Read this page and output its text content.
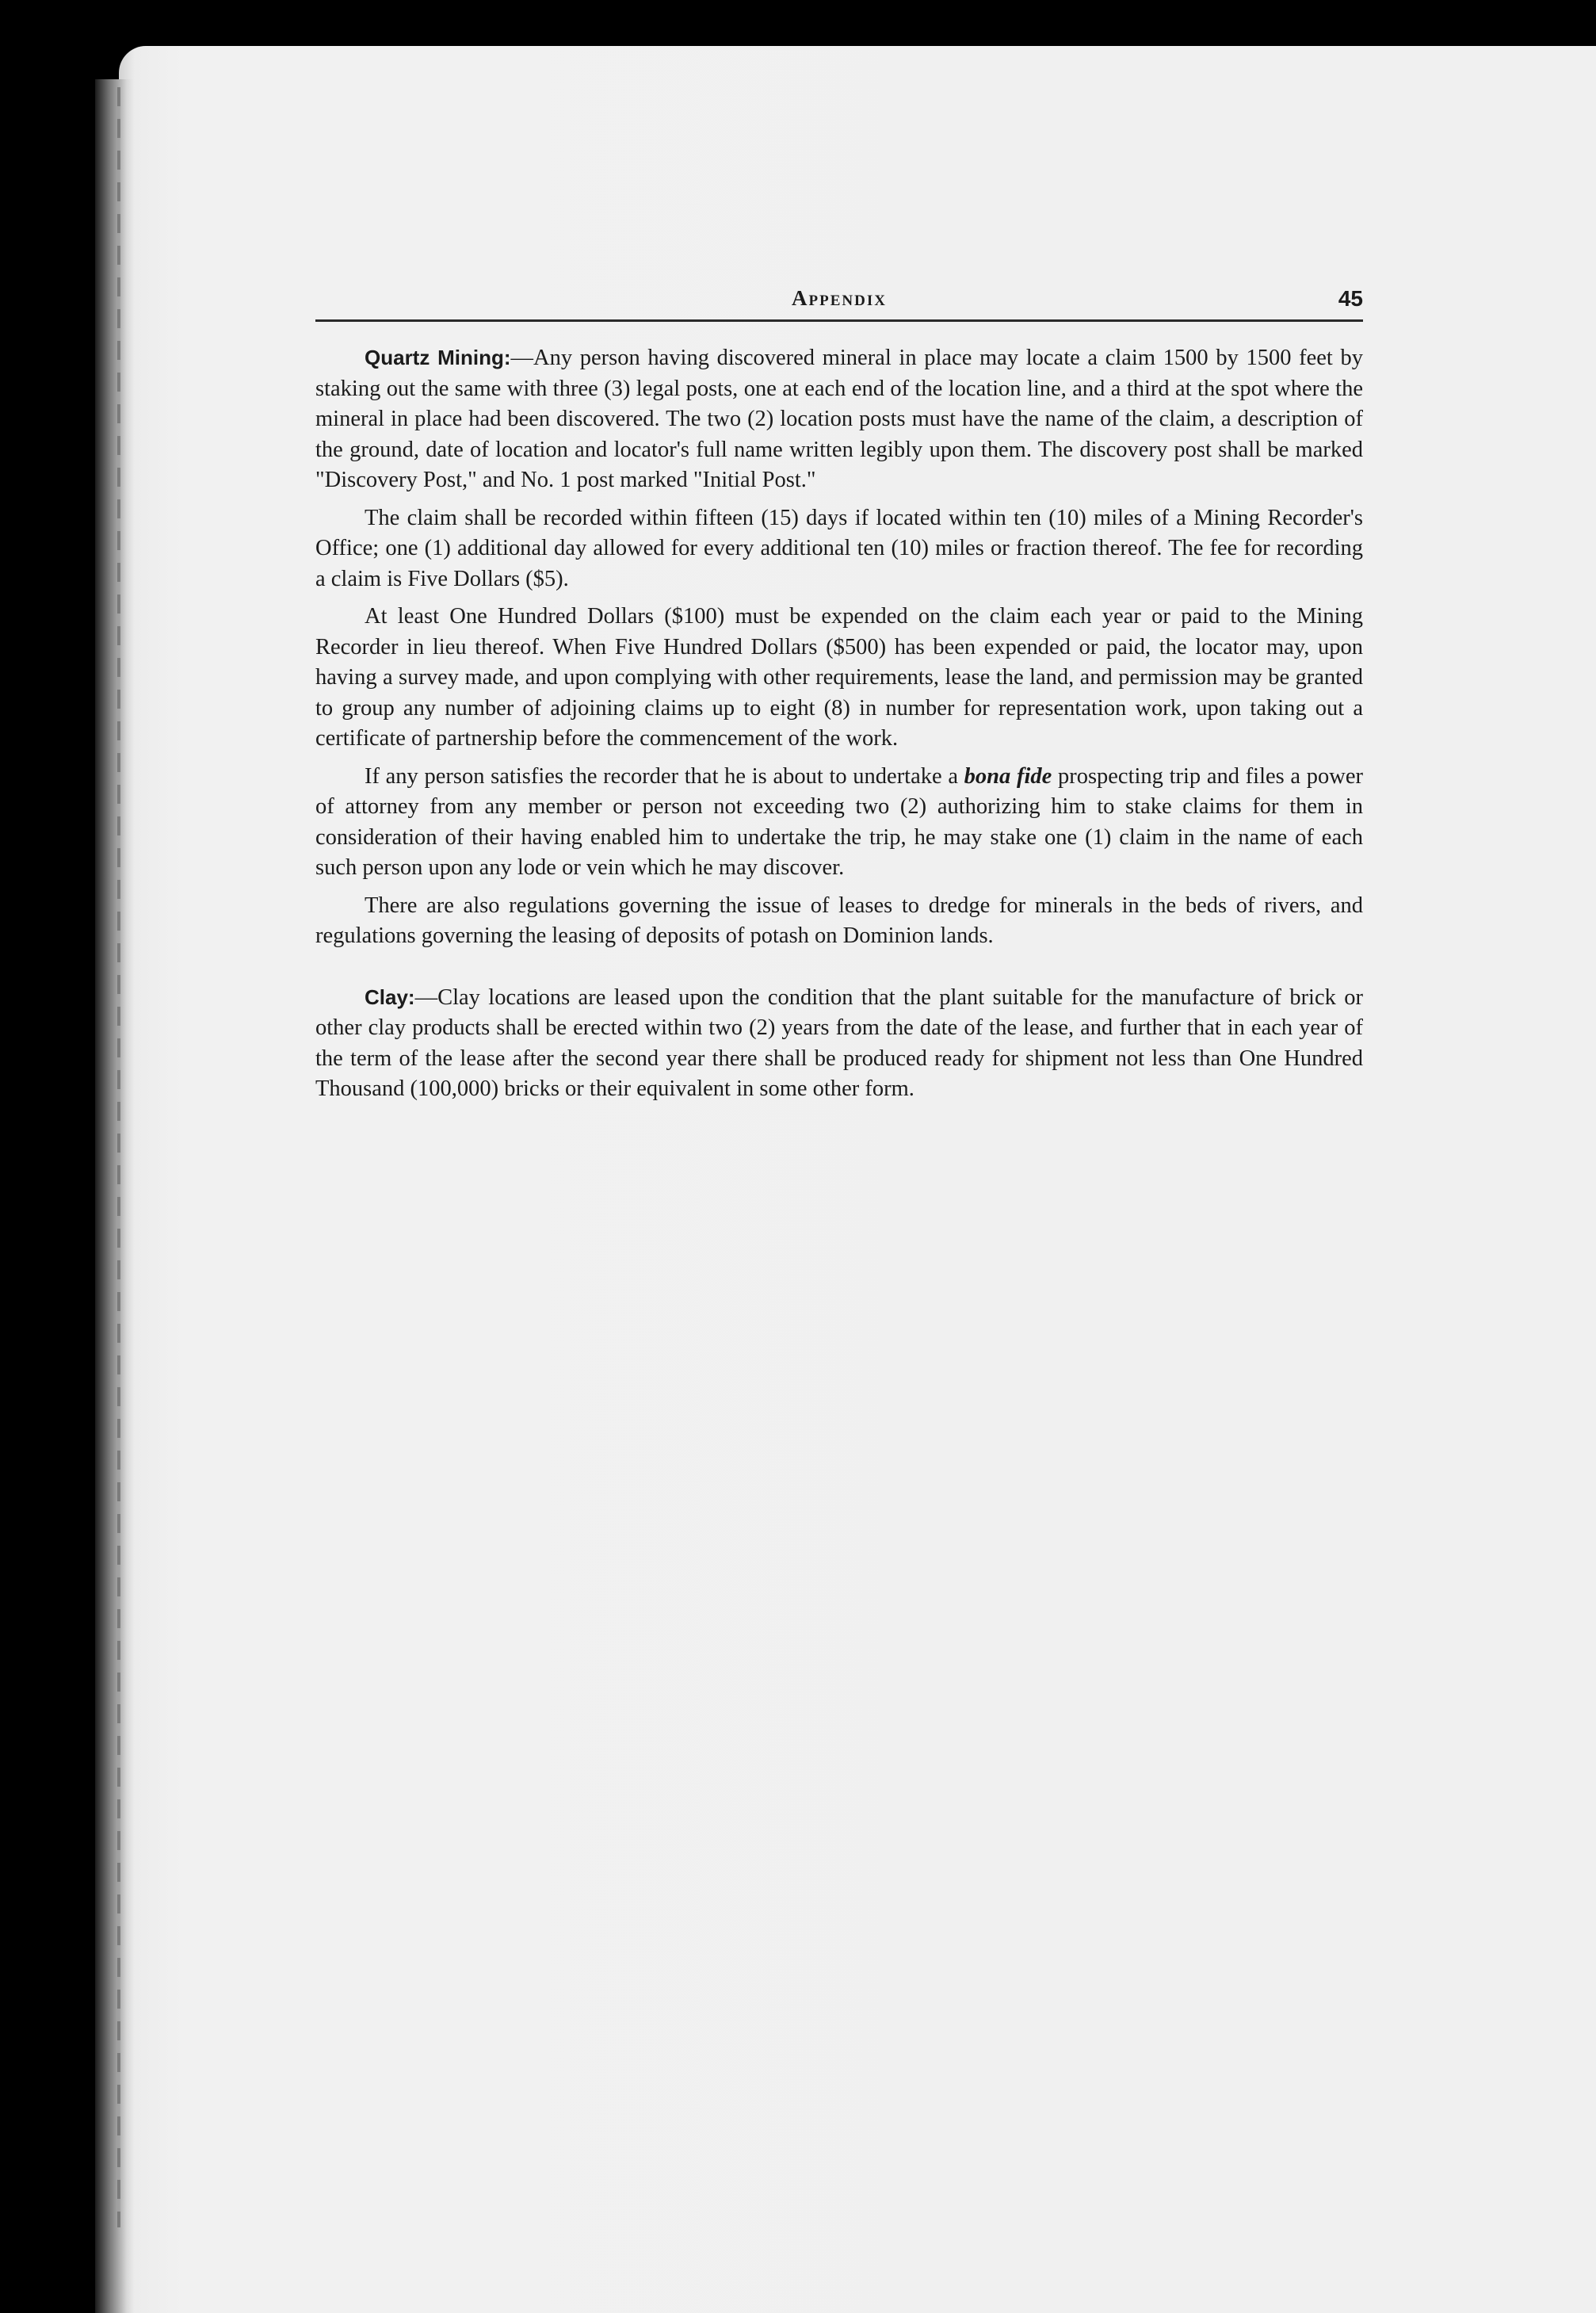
Appendix	45

Quartz Mining:—Any person having discovered mineral in place may locate a claim 1500 by 1500 feet by staking out the same with three (3) legal posts, one at each end of the location line, and a third at the spot where the mineral in place had been discovered. The two (2) location posts must have the name of the claim, a description of the ground, date of location and locator's full name written legibly upon them. The discovery post shall be marked "Discovery Post," and No. 1 post marked "Initial Post."

The claim shall be recorded within fifteen (15) days if located within ten (10) miles of a Mining Recorder's Office; one (1) additional day allowed for every additional ten (10) miles or fraction thereof. The fee for recording a claim is Five Dollars ($5).

At least One Hundred Dollars ($100) must be expended on the claim each year or paid to the Mining Recorder in lieu thereof. When Five Hundred Dollars ($500) has been expended or paid, the locator may, upon having a survey made, and upon complying with other requirements, lease the land, and permission may be granted to group any number of adjoining claims up to eight (8) in number for representation work, upon taking out a certificate of partnership before the commencement of the work.

If any person satisfies the recorder that he is about to undertake a bona fide prospecting trip and files a power of attorney from any member or person not exceeding two (2) authorizing him to stake claims for them in consideration of their having enabled him to undertake the trip, he may stake one (1) claim in the name of each such person upon any lode or vein which he may discover.

There are also regulations governing the issue of leases to dredge for minerals in the beds of rivers, and regulations governing the leasing of deposits of potash on Dominion lands.

Clay:—Clay locations are leased upon the condition that the plant suitable for the manufacture of brick or other clay products shall be erected within two (2) years from the date of the lease, and further that in each year of the term of the lease after the second year there shall be produced ready for shipment not less than One Hundred Thousand (100,000) bricks or their equivalent in some other form.
